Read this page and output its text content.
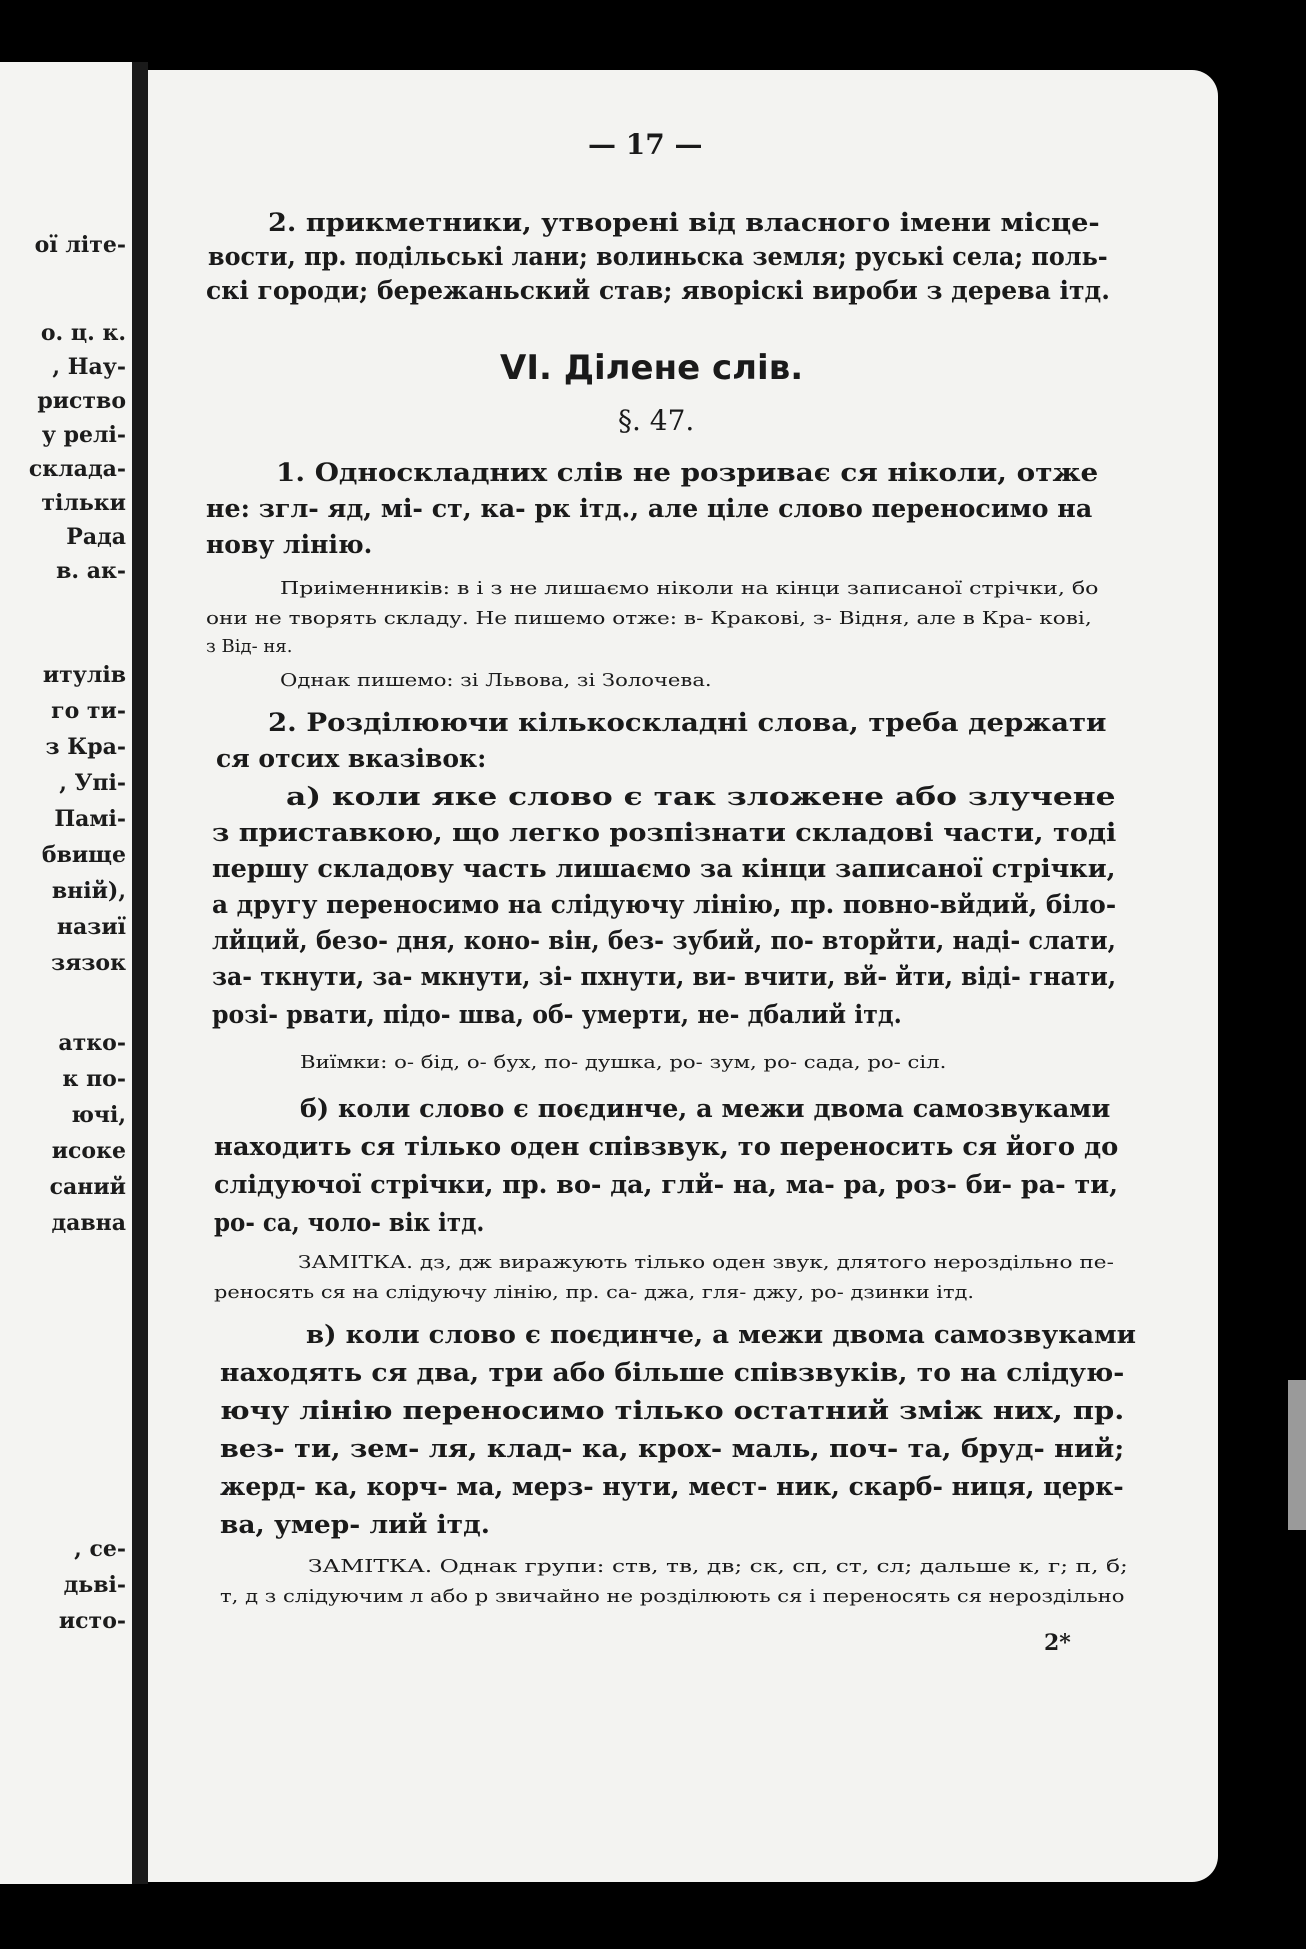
ої літе-
о. ц. к.
, Нау-
риство
у релі-
склада-
тільки
Рада
в. ак-
итулів
го ти-
з Кра-
, Упі-
Памі-
бвище
вній),
назиї
зязок
атко-
к по-
ючі,
исоке
саний
давна
, се-
дьві-
исто-
— 17 —
2. прикметники, утворені від власного імени місце-
вости, пр. подільські лани; волиньска земля; руські села; поль-
скі городи; бережаньский став; яворіскі вироби з дерева ітд.
VI. Ділене слів.
§. 47.
1. Односкладних слів не розриває ся ніколи, отже
не: згл- яд, мі- ст, ка- рк ітд., але ціле слово переносимо на
нову лінію.
Приіменників: в і з не лишаємо ніколи на кінци записаної стрічки, бо
они не творять складу. Не пишемо отже: в- Кракові, з- Відня, але в Кра- кові,
з Від- ня.
Однак пишемо: зі Львова, зі Золочева.
2. Розділюючи кількоскладні слова, треба держати
ся отсих вказівок:
а) коли яке слово є так зложене або злучене
з приставкою, що легко розпізнати складові части, тоді
першу складову часть лишаємо за кінци записаної стрічки,
а другу переносимо на слідуючу лінію, пр. повно-вйдий, біло-
лйций, безо- дня, коно- він, без- зубий, по- вторйти, наді- слати,
за- ткнути, за- мкнути, зі- пхнути, ви- вчити, вй- йти, віді- гнати,
розі- рвати, підо- шва, об- умерти, не- дбалий ітд.
Виїмки: о- бід, о- бух, по- душка, ро- зум, ро- сада, ро- сіл.
б) коли слово є поєдинче, а межи двома самозвуками
находить ся тілько оден співзвук, то переносить ся його до
слідуючої стрічки, пр. во- да, глй- на, ма- ра, роз- би- ра- ти,
ро- са, чоло- вік ітд.
ЗАМІТКА. дз, дж виражують тілько оден звук, длятого нероздільно пе-
реносять ся на слідуючу лінію, пр. са- джа, гля- джу, ро- дзинки ітд.
в) коли слово є поєдинче, а межи двома самозвуками
находять ся два, три або більше співзвуків, то на слідую-
ючу лінію переносимо тілько остатний зміж них, пр.
вез- ти, зем- ля, клад- ка, крох- маль, поч- та, бруд- ний;
жерд- ка, корч- ма, мерз- нути, мест- ник, скарб- ниця, церк-
ва, умер- лий ітд.
ЗАМІТКА. Однак групи: ств, тв, дв; ск, сп, ст, сл; дальше к, г; п, б;
т, д з слідуючим л або р звичайно не розділюють ся і переносять ся нероздільно
2*
